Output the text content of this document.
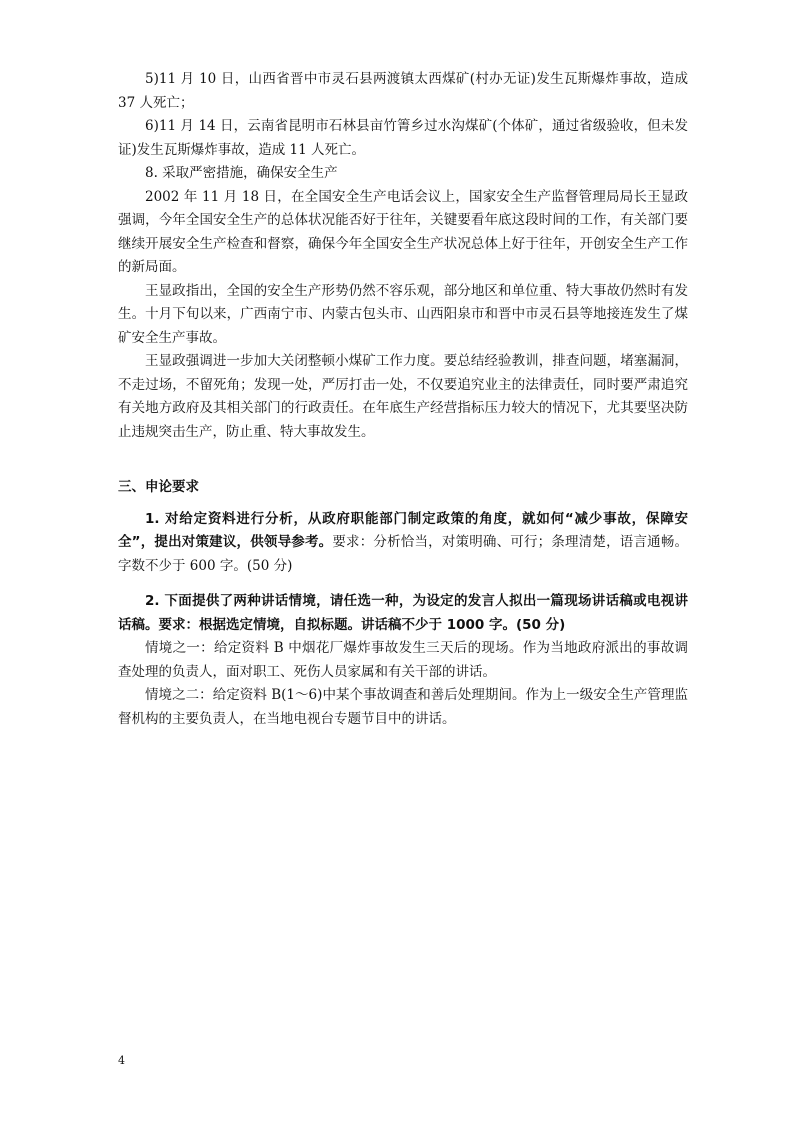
5)11 月 10 日，山西省晋中市灵石县两渡镇太西煤矿(村办无证)发生瓦斯爆炸事故，造成 37 人死亡；

6)11 月 14 日，云南省昆明市石林县亩竹箐乡过水沟煤矿(个体矿，通过省级验收，但未发证)发生瓦斯爆炸事故，造成 11 人死亡。

8. 采取严密措施，确保安全生产

2002 年 11 月 18 日，在全国安全生产电话会议上，国家安全生产监督管理局局长王显政强调，今年全国安全生产的总体状况能否好于往年，关键要看年底这段时间的工作，有关部门要继续开展安全生产检查和督察，确保今年全国安全生产状况总体上好于往年，开创安全生产工作的新局面。

王显政指出，全国的安全生产形势仍然不容乐观，部分地区和单位重、特大事故仍然时有发生。十月下旬以来，广西南宁市、内蒙古包头市、山西阳泉市和晋中市灵石县等地接连发生了煤矿安全生产事故。

王显政强调进一步加大关闭整顿小煤矿工作力度。要总结经验教训，排查问题，堵塞漏洞，不走过场，不留死角；发现一处，严厉打击一处，不仅要追究业主的法律责任，同时要严肃追究有关地方政府及其相关部门的行政责任。在年底生产经营指标压力较大的情况下，尤其要坚决防止违规突击生产，防止重、特大事故发生。

三、申论要求

1. 对给定资料进行分析，从政府职能部门制定政策的角度，就如何“减少事故，保障安全”，提出对策建议，供领导参考。要求：分析恰当，对策明确、可行；条理清楚，语言通畅。字数不少于 600 字。(50 分)

2. 下面提供了两种讲话情境，请任选一种，为设定的发言人拟出一篇现场讲话稿或电视讲话稿。要求：根据选定情境，自拟标题。讲话稿不少于 1000 字。(50 分)

情境之一：给定资料 B 中烟花厂爆炸事故发生三天后的现场。作为当地政府派出的事故调查处理的负责人，面对职工、死伤人员家属和有关干部的讲话。

情境之二：给定资料 B(1～6)中某个事故调查和善后处理期间。作为上一级安全生产管理监督机构的主要负责人，在当地电视台专题节目中的讲话。

4
